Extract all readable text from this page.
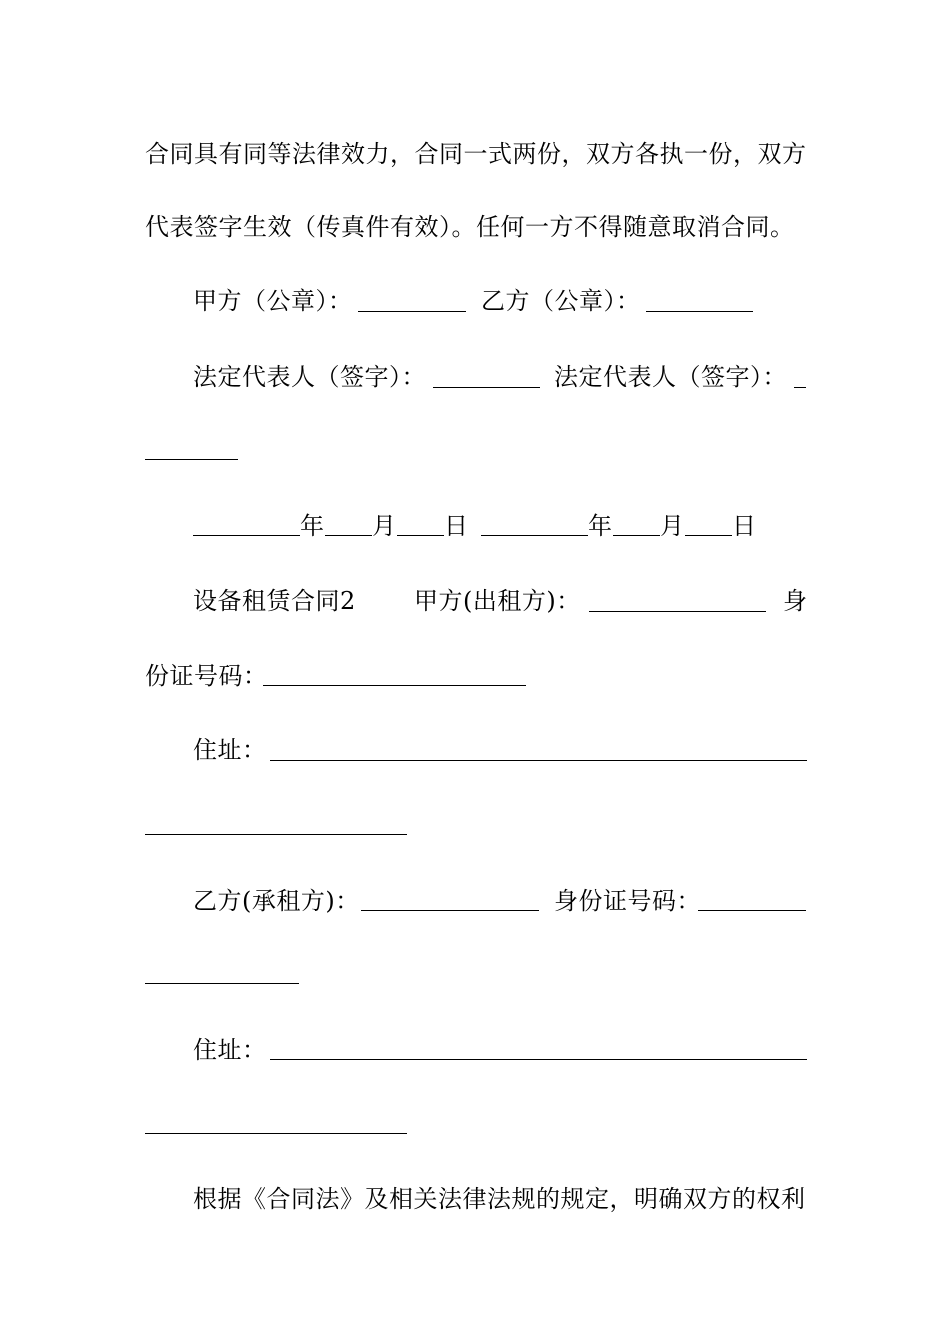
合同具有同等法律效力，合同一式两份，双方各执一份，双方
代表签字生效（传真件有效）。任何一方不得随意取消合同。
甲方（公章）：	乙方（公章）：
法定代表人（签字）：	法定代表人（签字）：
年 月 日	年 月 日
设备租赁合同2 甲方(出租方)：	身
份证号码：
住址：
乙方(承租方)：	身份证号码：
住址：
根据《合同法》及相关法律法规的规定，明确双方的权利
